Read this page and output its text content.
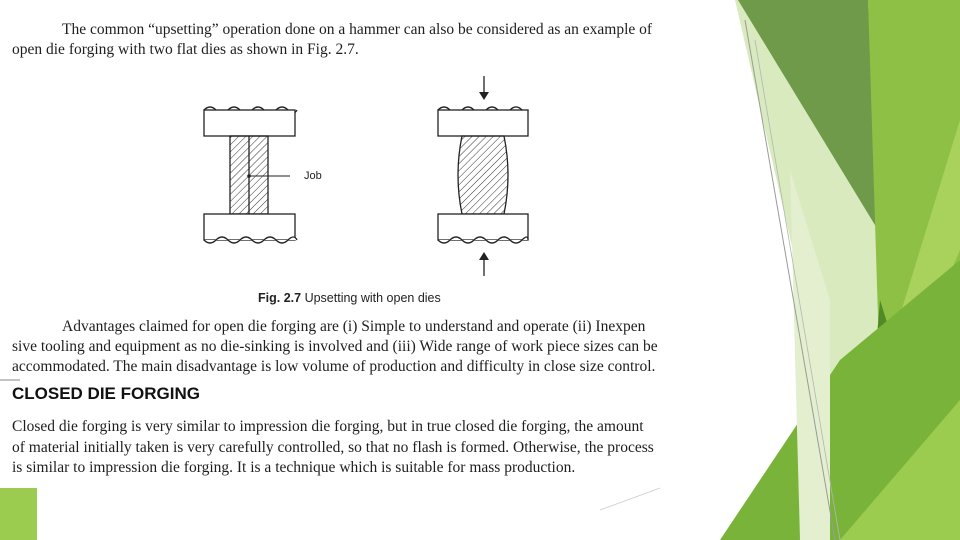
The common “upsetting” operation done on a hammer can also be considered as an example of
open die forging with two flat dies as shown in Fig. 2.7.
Job
Fig. 2.7 Upsetting with open dies
Advantages claimed for open die forging are (i) Simple to understand and operate (ii) Inexpen
sive tooling and equipment as no die-sinking is involved and (iii) Wide range of work piece sizes can be
accommodated. The main disadvantage is low volume of production and difficulty in close size control.
CLOSED DIE FORGING
Closed die forging is very similar to impression die forging, but in true closed die forging, the amount
of material initially taken is very carefully controlled, so that no flash is formed. Otherwise, the process
is similar to impression die forging. It is a technique which is suitable for mass production.
